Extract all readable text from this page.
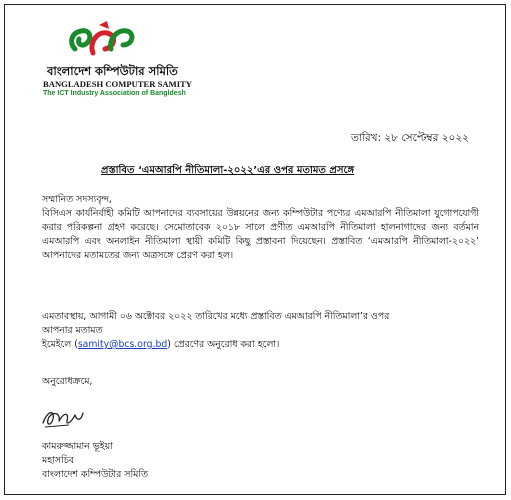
বাংলাদেশ কম্পিউটার সমিতি
BANGLADESH COMPUTER SAMITY
The ICT Industry Association of Bangldesh
তারিখ: ২৮ সেপ্টেম্বর ২০২২
প্রস্তাবিত ‘এমআরপি নীতিমালা-২০২২’এর ওপর মতামত প্রসঙ্গে
সম্মানিত সদস্যবৃন্দ,
বিসিএস কার্যনির্বাহী কমিটি আপনাদের ব্যবসায়ের উন্নয়নের জন্য কম্পিউটার পণ্যের এমআরপি নীতিমালা যুগোপযোগী করার পরিকল্পনা গ্রহণ করেছে। সেমোতাবেক ২০১৮ সালে প্রণীত এমআরপি নীতিমালা হালনাগাদের জন্য বর্তমান এমআরপি এবং অনলাইন নীতিমালা স্থায়ী কমিটি কিছু প্রস্তাবনা দিয়েছেন। প্রস্তাবিত ‘এমআরপি নীতিমালা-২০২২’ আপনাদের মতামতের জন্য অত্রসঙ্গে প্রেরণ করা হল।
এমতাবস্থায়, আগামী ০৬ অক্টোবর ২০২২ তারিখের মধ্যে প্রস্তাবিত এমআরপি নীতিমালা’র ওপর
আপনার মতামত
ইমেইলে (samity@bcs.org.bd) প্রেরণের অনুরোধ করা হলো।
অনুরোধক্রমে,
কামরুজ্জামান ভূইয়া
মহাসচিব
বাংলাদেশ কম্পিউটার সমিতি
